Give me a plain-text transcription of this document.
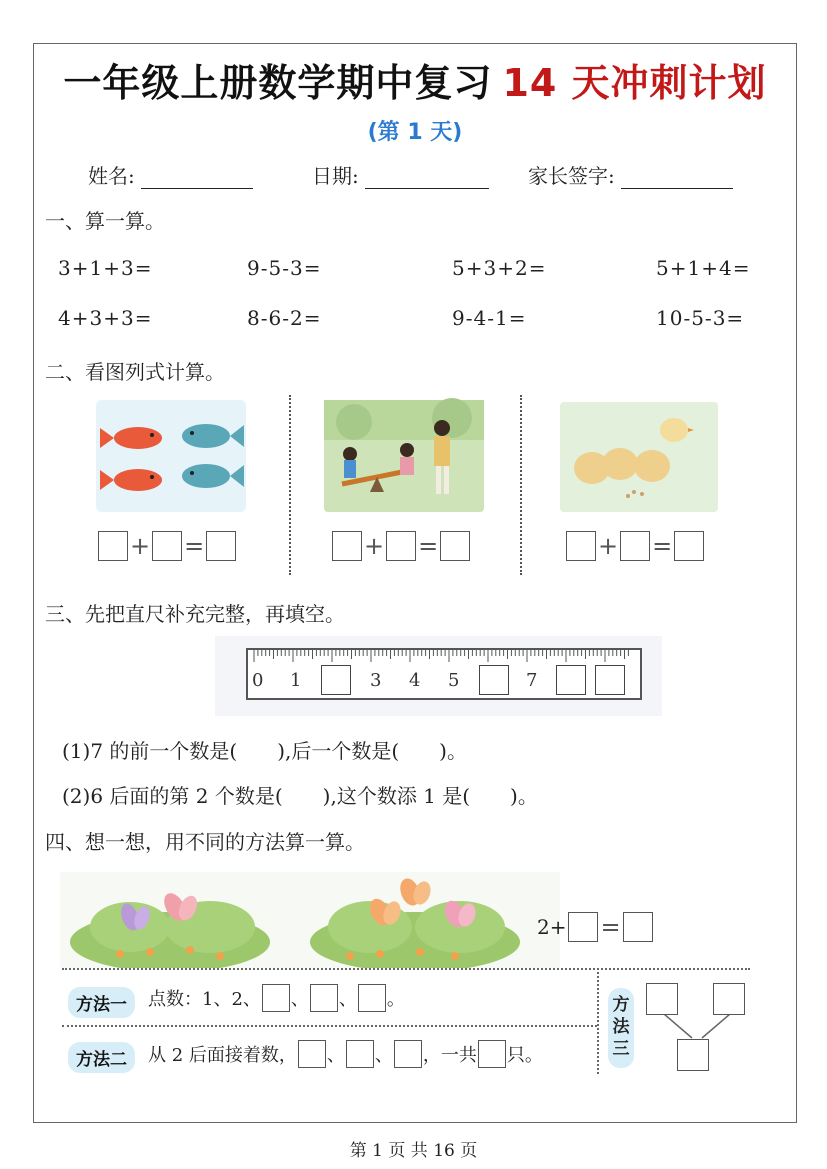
一年级上册数学期中复习 14 天冲刺计划
(第 1 天)
姓名:	日期:	家长签字:
一、算一算。
3+1+3=	9-5-3=	5+3+2=	5+1+4=
4+3+3=	8-6-2=	9-4-1=	10-5-3=
二、看图列式计算。
+ =	+ =	+ =
三、先把直尺补充完整，再填空。
0 1	3 4 5	7
(1)7 的前一个数是(　　),后一个数是(　　)。
(2)6 后面的第 2 个数是(　　),这个数添 1 是(　　)。
四、想一想，用不同的方法算一算。
2+ =
方法一	点数：1、2、 、 、 。
方法二	从 2 后面接着数， 、 、 ，一共 只。
方
法
三
第 1 页 共 16 页
